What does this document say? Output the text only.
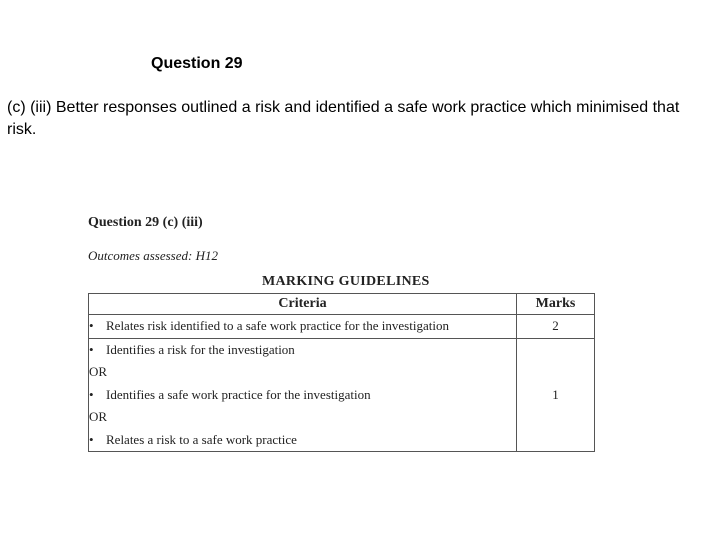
Question 29
(c) (iii) Better responses outlined a risk and identified a safe work practice which minimised that risk.
Question 29 (c) (iii)
Outcomes assessed: H12
MARKING GUIDELINES
Criteria	Marks

• Relates risk identified to a safe work practice for the investigation	2

• Identifies a risk for the investigation
OR
• Identifies a safe work practice for the investigation
OR
• Relates a risk to a safe work practice	1
